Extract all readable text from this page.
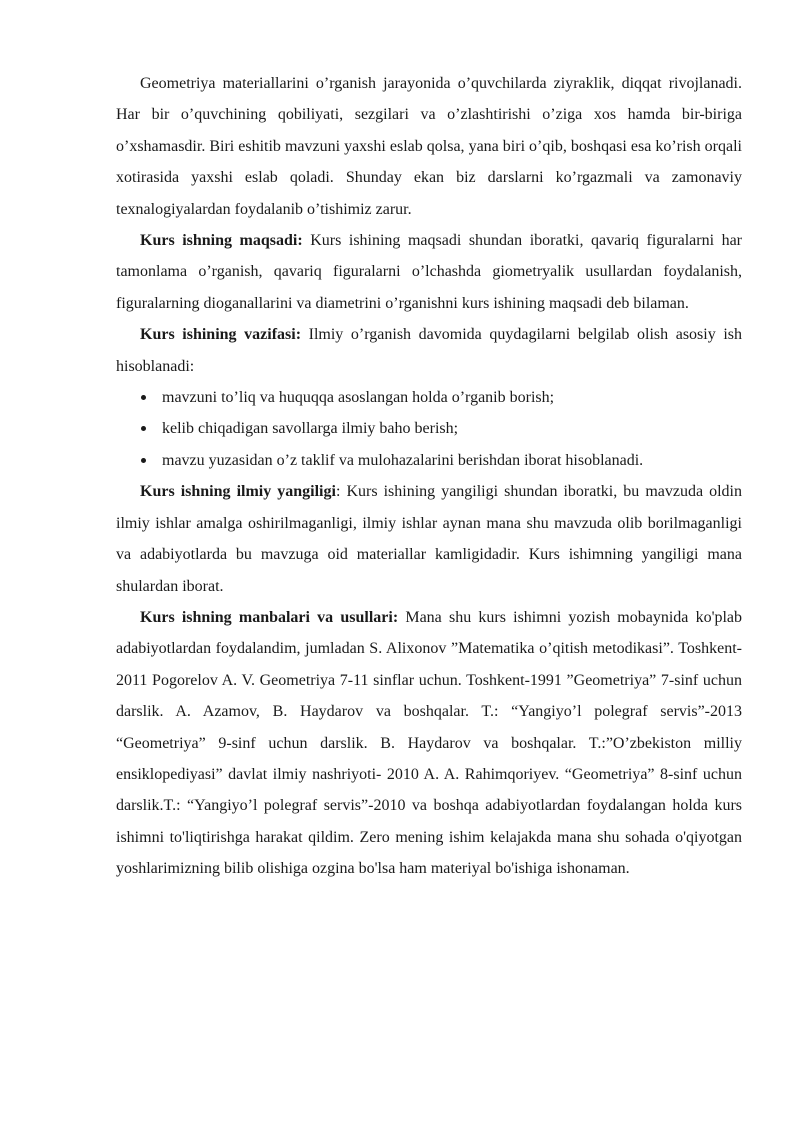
Geometriya materiallarini o’rganish jarayonida o’quvchilarda ziyraklik, diqqat rivojlanadi. Har bir o’quvchining qobiliyati, sezgilari va o’zlashtirishi o’ziga xos hamda bir-biriga o’xshamasdir. Biri eshitib mavzuni yaxshi eslab qolsa, yana biri o’qib, boshqasi esa ko’rish orqali xotirasida yaxshi eslab qoladi. Shunday ekan biz darslarni ko’rgazmali va zamonaviy texnalogiyalardan foydalanib o’tishimiz zarur.

Kurs ishning maqsadi: Kurs ishining maqsadi shundan iboratki, qavariq figuralarni har tamonlama o’rganish, qavariq figuralarni o’lchashda giometryalik usullardan foydalanish, figuralarning dioganallarini va diametrini o’rganishni kurs ishining maqsadi deb bilaman.

Kurs ishining vazifasi: Ilmiy o’rganish davomida quydagilarni belgilab olish asosiy ish hisoblanadi:

mavzuni to’liq va huquqqa asoslangan holda o’rganib borish;
kelib chiqadigan savollarga ilmiy baho berish;
mavzu yuzasidan o’z taklif va mulohazalarini berishdan iborat hisoblanadi.

Kurs ishning ilmiy yangiligi: Kurs ishining yangiligi shundan iboratki, bu mavzuda oldin ilmiy ishlar amalga oshirilmaganligi, ilmiy ishlar aynan mana shu mavzuda olib borilmaganligi va adabiyotlarda bu mavzuga oid materiallar kamligidadir. Kurs ishimning yangiligi mana shulardan iborat.

Kurs ishning manbalari va usullari: Mana shu kurs ishimni yozish mobaynida ko'plab adabiyotlardan foydalandim, jumladan S. Alixonov ”Matematika o’qitish metodikasi”. Toshkent-2011 Pogorelov A. V. Geometriya 7-11 sinflar uchun. Toshkent-1991 ”Geometriya” 7-sinf uchun darslik. A. Azamov, B. Haydarov va boshqalar. T.: “Yangiyo’l polegraf servis”-2013 “Geometriya” 9-sinf uchun darslik. B. Haydarov va boshqalar. T.:”O’zbekiston milliy ensiklopediyasi” davlat ilmiy nashriyoti- 2010 A. A. Rahimqoriyev. “Geometriya” 8-sinf uchun darslik.T.: “Yangiyo’l polegraf servis”-2010 va boshqa adabiyotlardan foydalangan holda kurs ishimni to'liqtirishga harakat qildim. Zero mening ishim kelajakda mana shu sohada o'qiyotgan yoshlarimizning bilib olishiga ozgina bo'lsa ham materiyal bo'ishiga ishonaman.
